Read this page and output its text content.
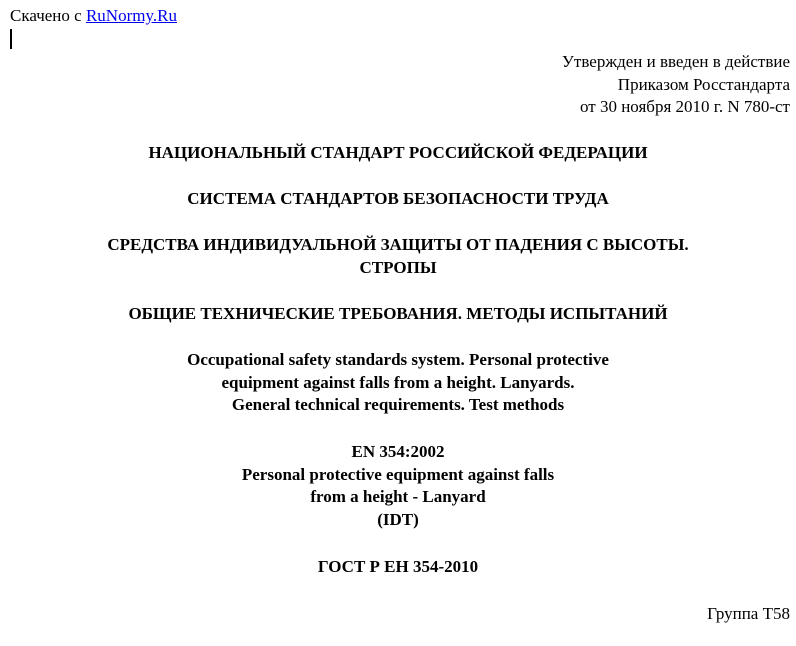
Скачено с RuNormy.Ru
Утвержден и введен в действие
Приказом Росстандарта
от 30 ноября 2010 г. N 780-ст
НАЦИОНАЛЬНЫЙ СТАНДАРТ РОССИЙСКОЙ ФЕДЕРАЦИИ
СИСТЕМА СТАНДАРТОВ БЕЗОПАСНОСТИ ТРУДА
СРЕДСТВА ИНДИВИДУАЛЬНОЙ ЗАЩИТЫ ОТ ПАДЕНИЯ С ВЫСОТЫ.
СТРОПЫ
ОБЩИЕ ТЕХНИЧЕСКИЕ ТРЕБОВАНИЯ. МЕТОДЫ ИСПЫТАНИЙ
Occupational safety standards system. Personal protective
equipment against falls from a height. Lanyards.
General technical requirements. Test methods
EN 354:2002
Personal protective equipment against falls
from a height - Lanyard
(IDT)
ГОСТ Р ЕН 354-2010
Группа Т58
